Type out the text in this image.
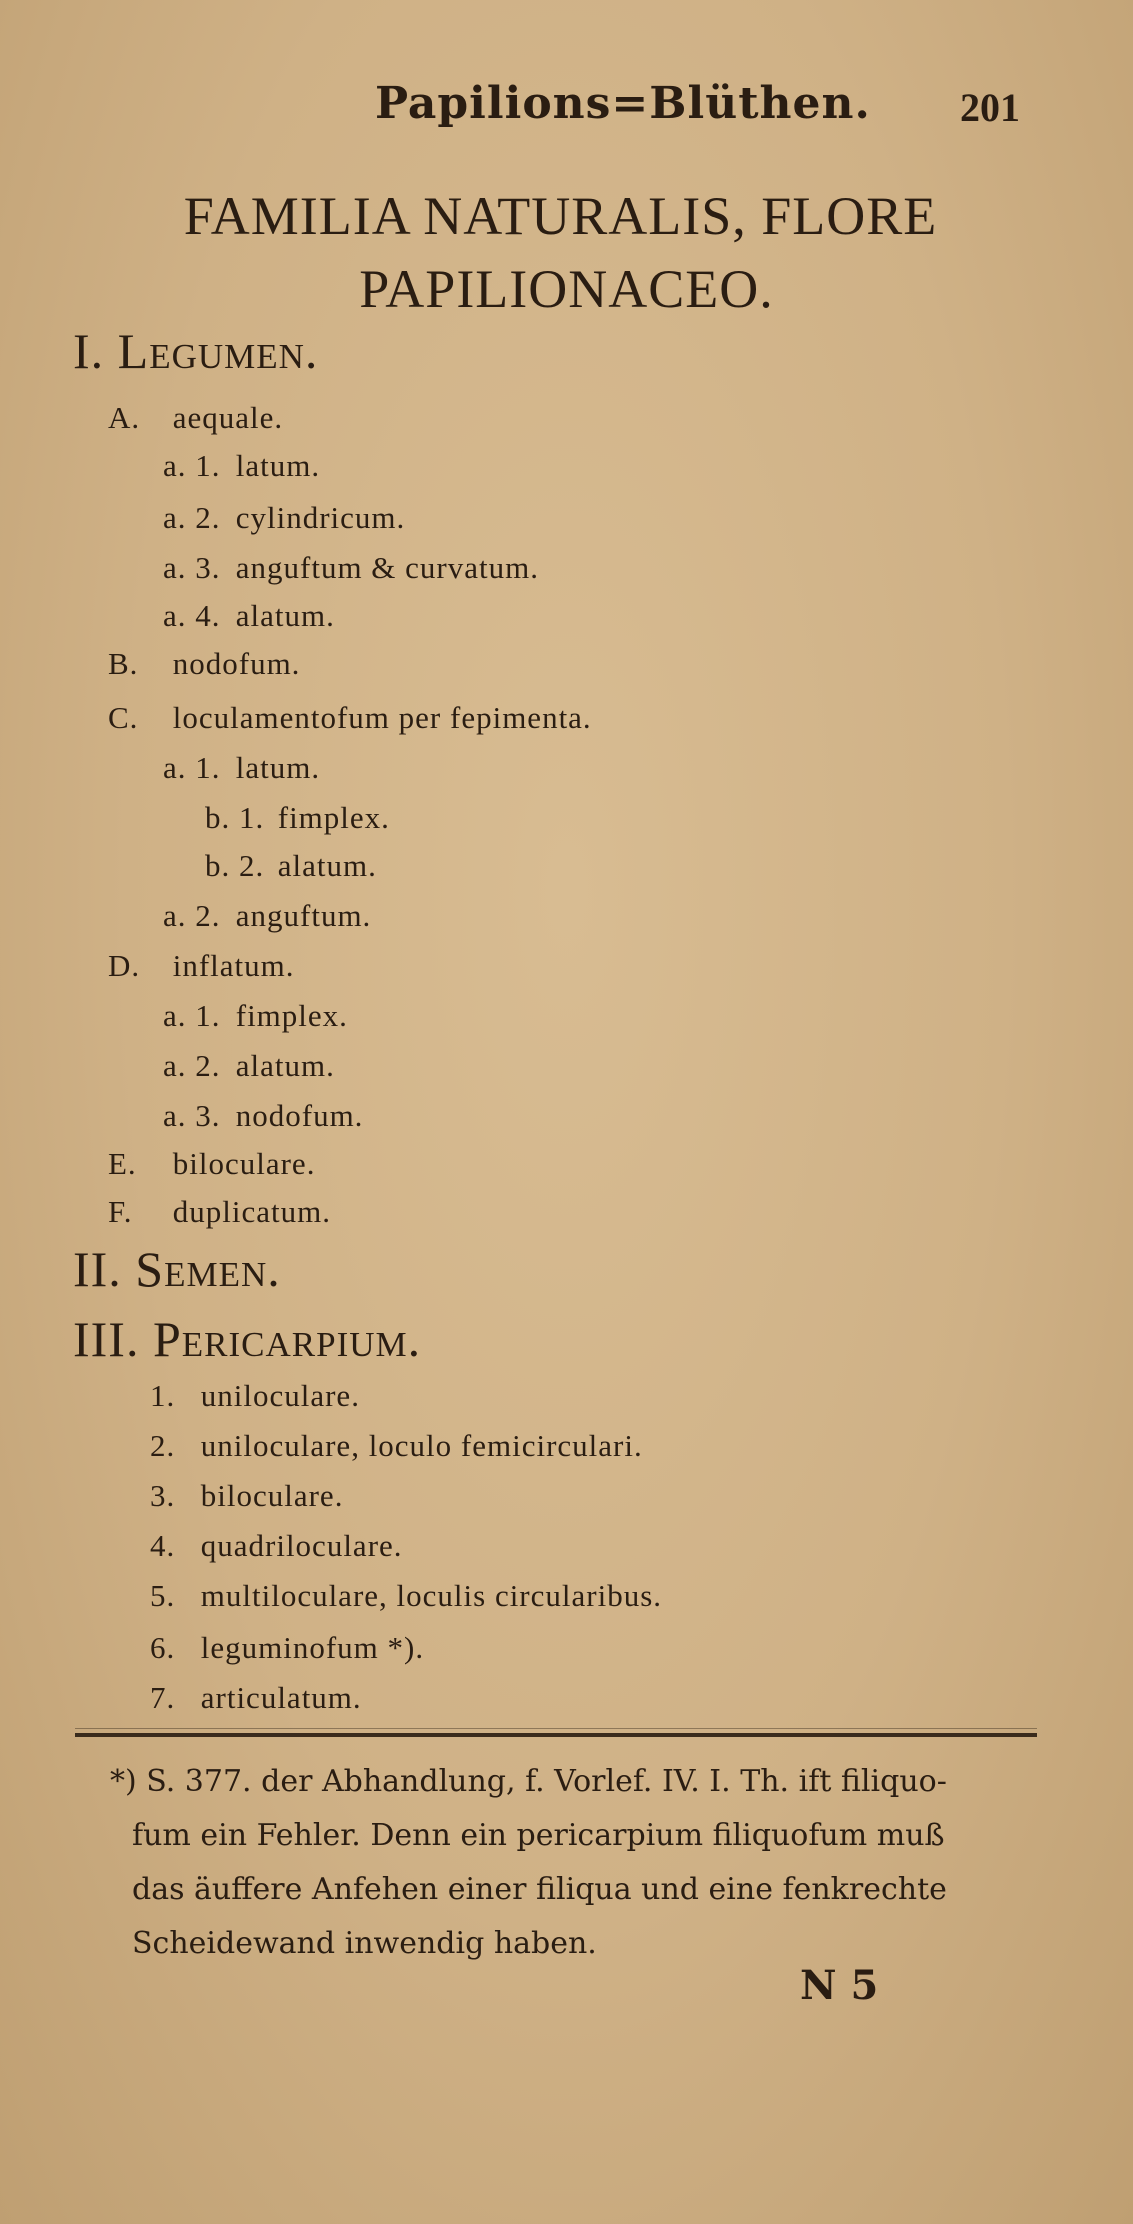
Papilions=Blüthen. 201
FAMILIA NATURALIS, FLORE
PAPILIONACEO.
I. Legumen.
A. aequale.
a. 1. latum.
a. 2. cylindricum.
a. 3. anguftum & curvatum.
a. 4. alatum.
B. nodofum.
C. loculamentofum per fepimenta.
a. 1. latum.
b. 1. fimplex.
b. 2. alatum.
a. 2. anguftum.
D. inflatum.
a. 1. fimplex.
a. 2. alatum.
a. 3. nodofum.
E. biloculare.
F. duplicatum.
II. Semen.
III. Pericarpium.
1. uniloculare.
2. uniloculare, loculo femicirculari.
3. biloculare.
4. quadriloculare.
5. multiloculare, loculis circularibus.
6. leguminofum *).
7. articulatum.

*) S. 377. der Abhandlung, f. Vorlef. IV. I. Th. ift filiquo-

fum ein Fehler. Denn ein pericarpium filiquofum muß

das äuffere Anfehen einer filiqua und eine fenkrechte

Scheidewand inwendig haben.

N 5
